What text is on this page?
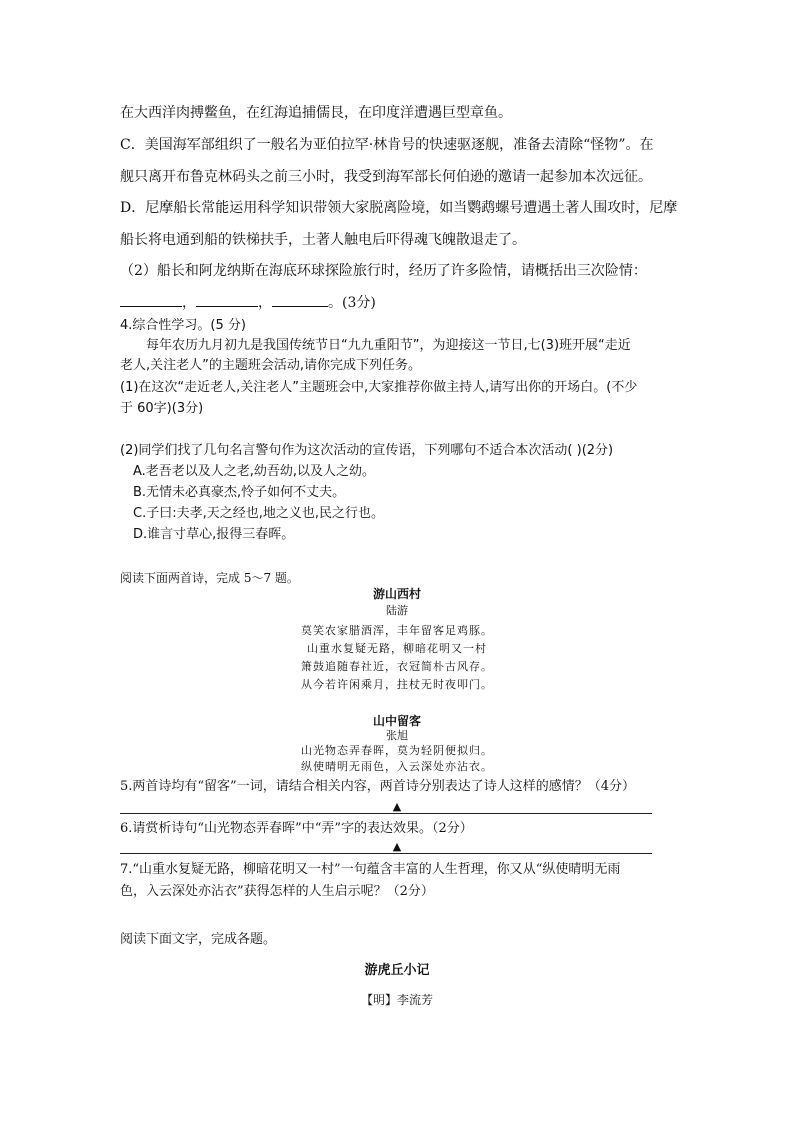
在大西洋肉搏鳖鱼，在红海追捕儒艮，在印度洋遭遇巨型章鱼。
C．美国海军部组织了一般名为亚伯拉罕·林肯号的快速驱逐舰，准备去清除“怪物”。在
舰只离开布鲁克林码头之前三小时，我受到海军部长何伯逊的邀请一起参加本次远征。
D．尼摩船长常能运用科学知识带领大家脱离险境，如当鹦鹉螺号遭遇土著人围攻时，尼摩
船长将电通到船的铁梯扶手，土著人触电后吓得魂飞魄散退走了。
（2）船长和阿龙纳斯在海底环球探险旅行时，经历了许多险情，请概括出三次险情：
，	，	。(3分)
4.综合性学习。(5 分)
每年农历九月初九是我国传统节日“九九重阳节”，为迎接这一节日,七(3)班开展“走近
老人,关注老人”的主题班会活动,请你完成下列任务。
(1)在这次“走近老人,关注老人”主题班会中,大家推荐你做主持人,请写出你的开场白。(不少
于 60字)(3分)
(2)同学们找了几句名言警句作为这次活动的宣传语，下列哪句不适合本次活动( )(2分)
A.老吾老以及人之老,幼吾幼,以及人之幼。
B.无情未必真豪杰,怜子如何不丈夫。
C.子曰:夫孝,天之经也,地之义也,民之行也。
D.谁言寸草心,报得三春晖。
阅读下面两首诗，完成 5～7 题。
游山西村
陆游
莫笑农家腊酒浑，丰年留客足鸡豚。
山重水复疑无路，柳暗花明又一村
箫鼓追随春社近，衣冠简朴古风存。
从今若许闲乘月，拄杖无时夜叩门。
山中留客
张旭
山光物态弄春晖，莫为轻阴便拟归。
纵使晴明无雨色，入云深处亦沾衣。
5.两首诗均有“留客”一词，请结合相关内容，两首诗分别表达了诗人这样的感情？（4分）
▲
6.请赏析诗句“山光物态弄春晖”中“弄”字的表达效果。（2分）
▲
7.“山重水复疑无路，柳暗花明又一村”一句蕴含丰富的人生哲理，你又从“纵使晴明无雨
色，入云深处亦沾衣”获得怎样的人生启示呢？（2分）
阅读下面文字，完成各题。
游虎丘小记
【明】李流芳
